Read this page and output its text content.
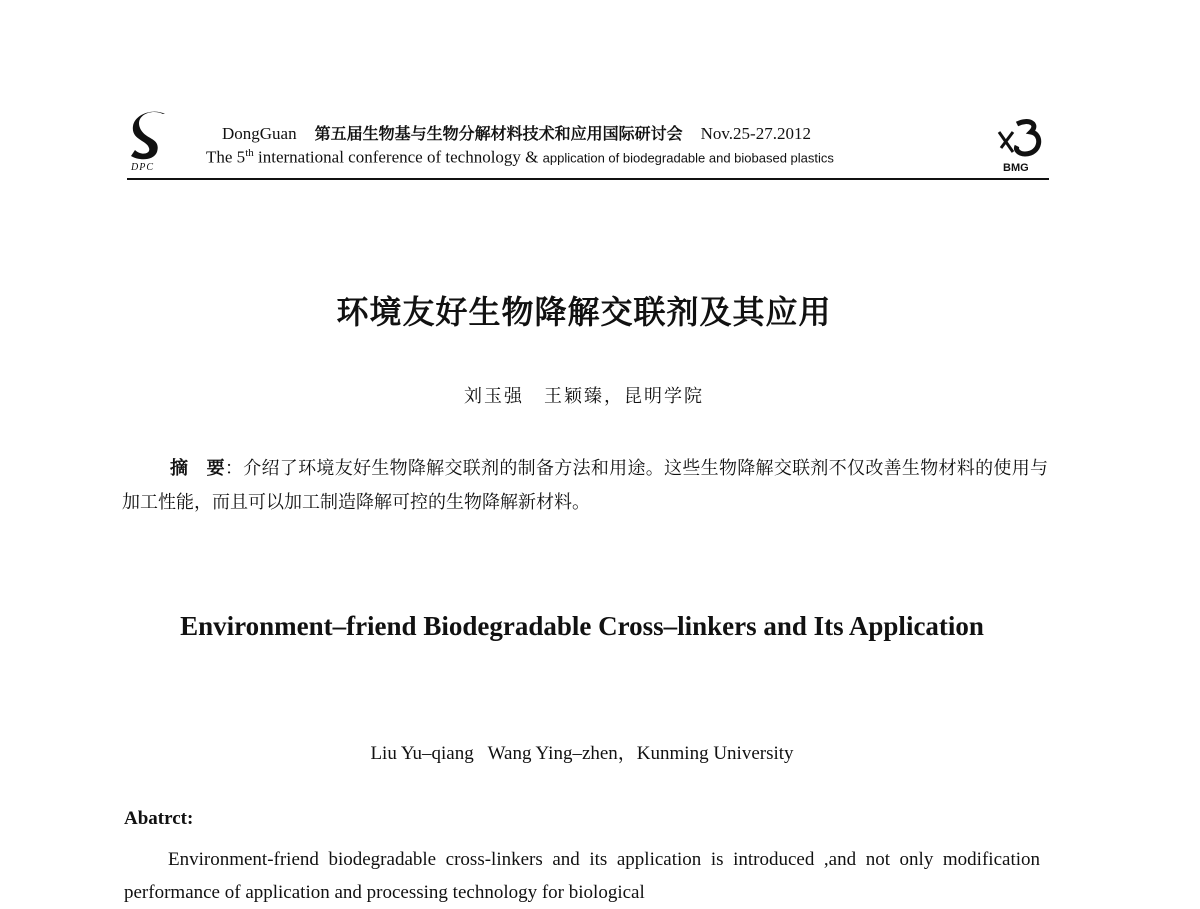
DPC
DongGuan 第五届生物基与生物分解材料技术和应用国际研讨会 Nov.25-27.2012
The 5th international conference of technology & application of biodegradable and biobased plastics
BMG
环境友好生物降解交联剂及其应用
刘玉强　王颖臻，昆明学院
摘　要：介绍了环境友好生物降解交联剂的制备方法和用途。这些生物降解交联剂不仅改善生物材料的使用与加工性能，而且可以加工制造降解可控的生物降解新材料。
Environment–friend Biodegradable Cross–linkers and Its Application
Liu Yu–qiang   Wang Ying–zhen，Kunming University
Abatrct:
Environment-friend biodegradable cross-linkers and its application is introduced ,and not only modification performance of application and processing technology for biological
